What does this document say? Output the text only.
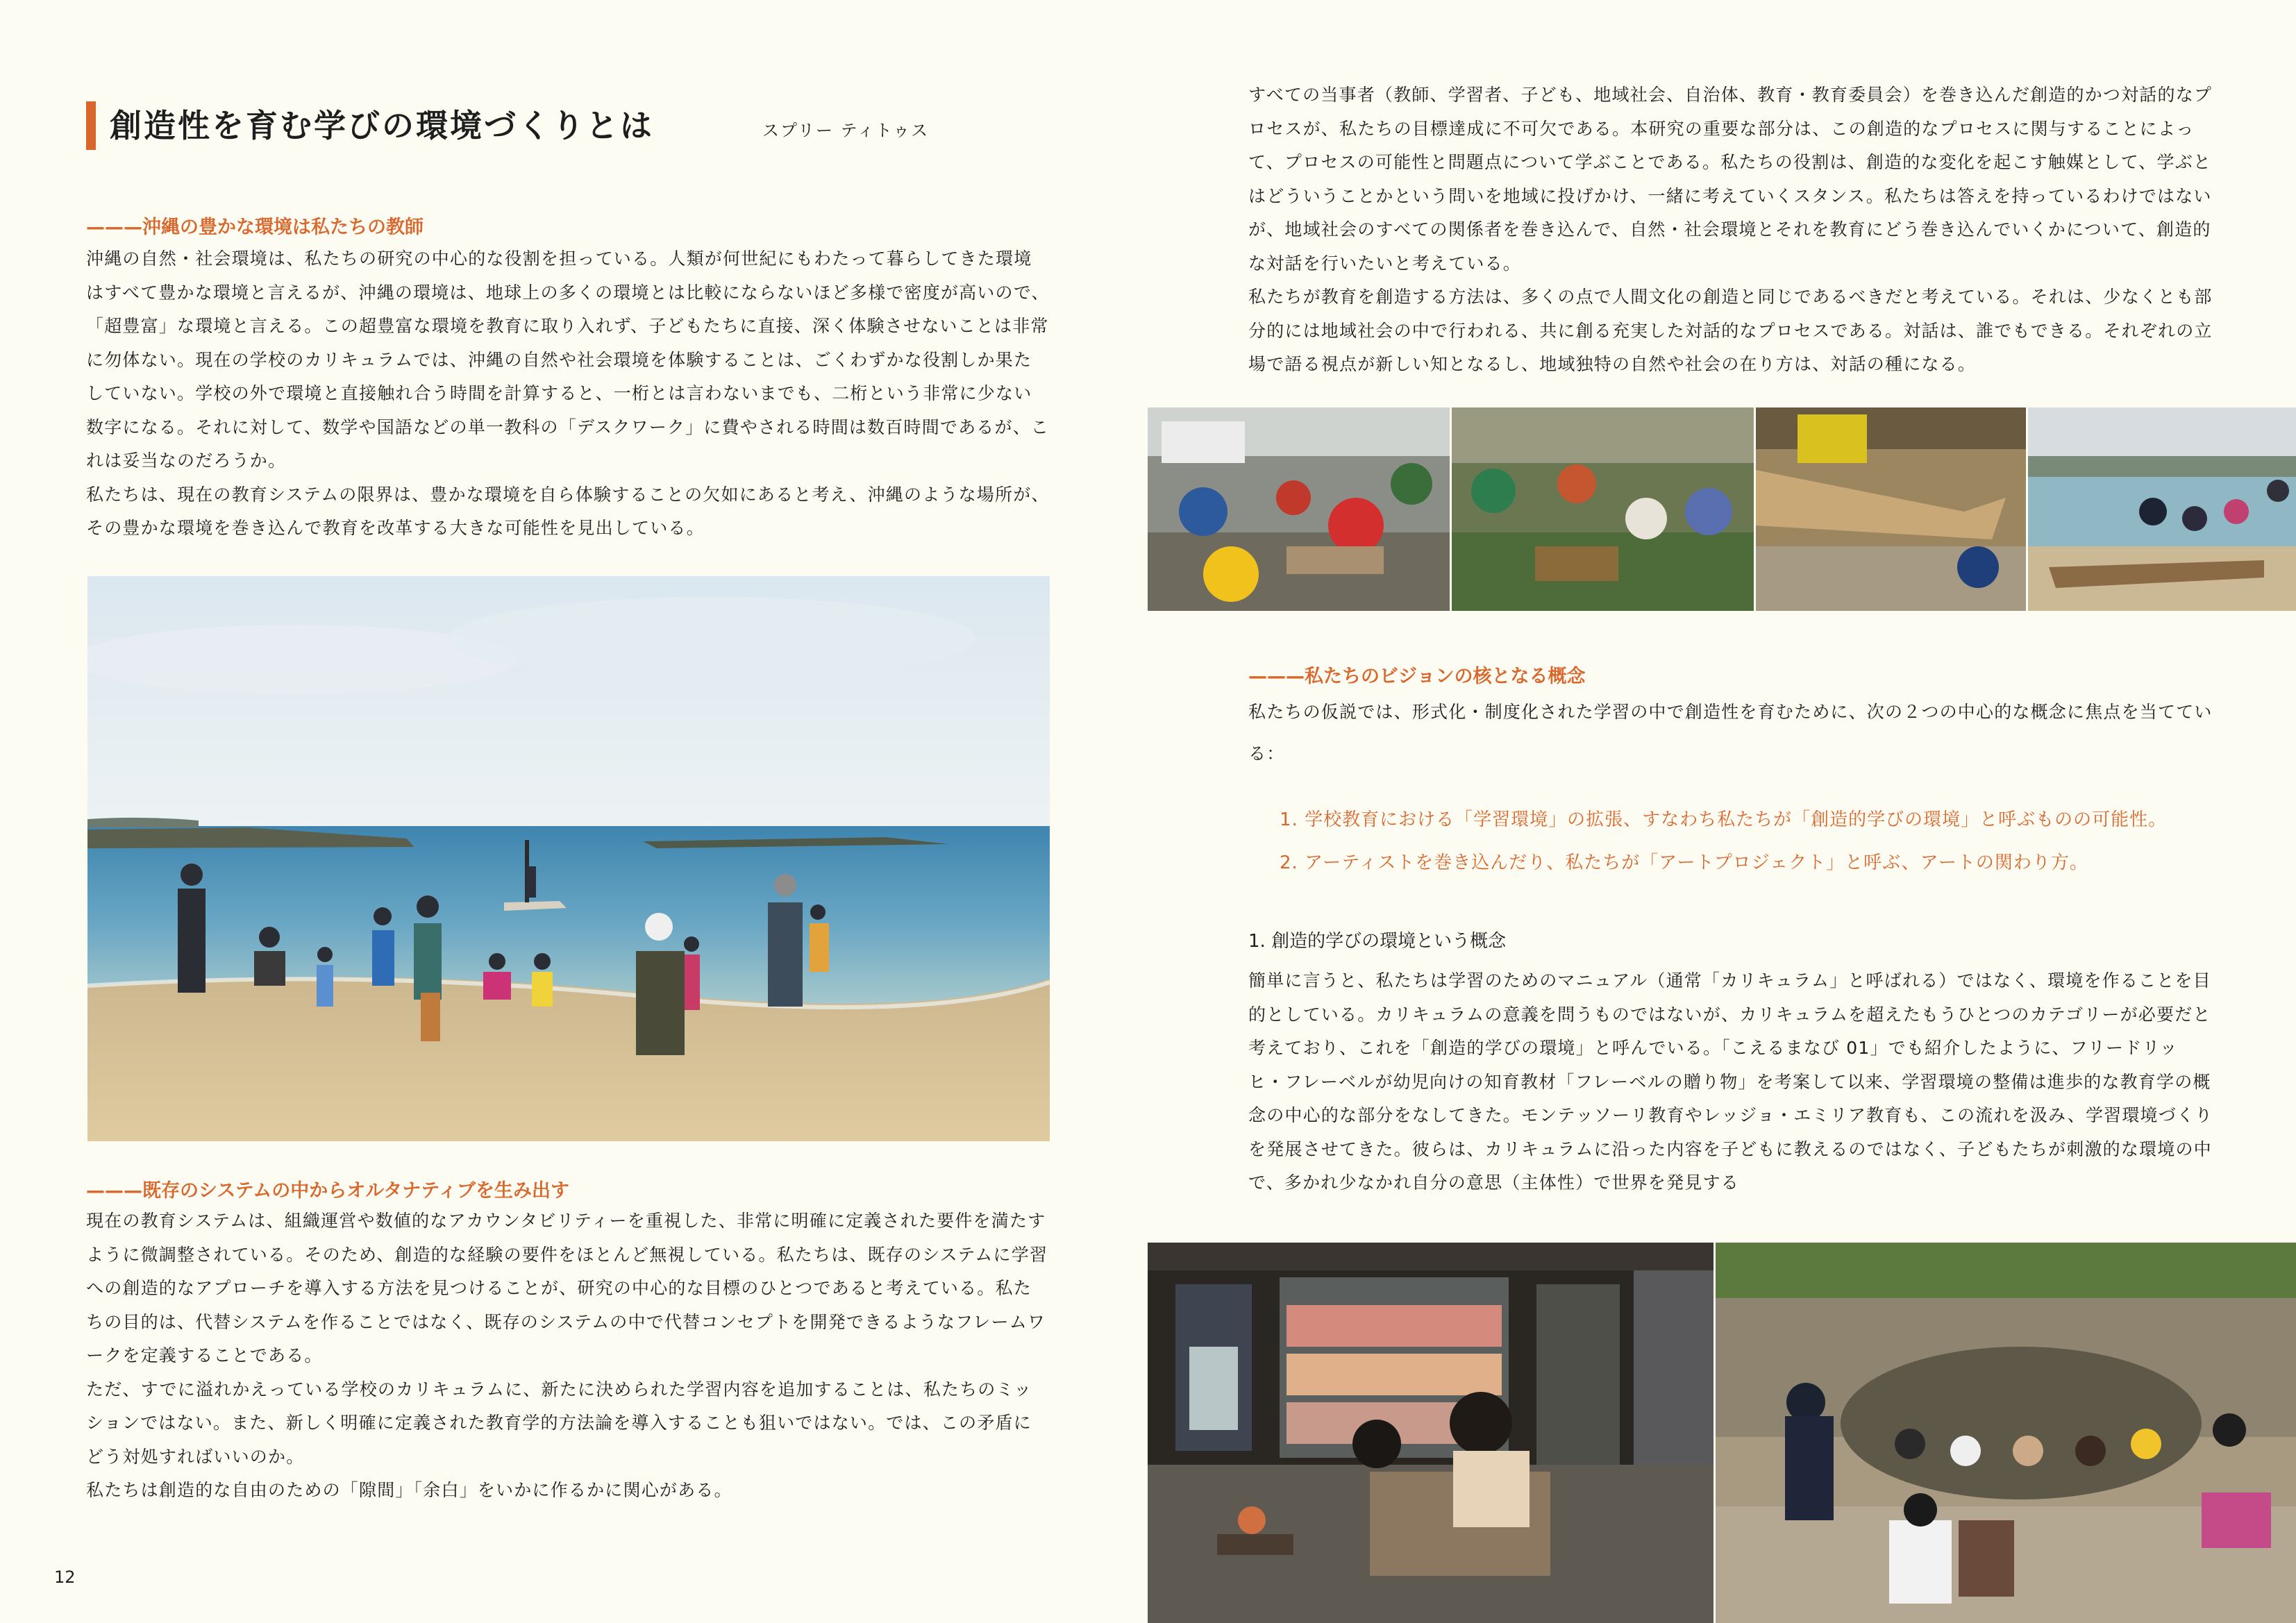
創造性を育む学びの環境づくりとは	スプリー ティトゥス
———沖縄の豊かな環境は私たちの教師

沖縄の自然・社会環境は、私たちの研究の中心的な役割を担っている。人類が何世紀にもわたって暮らしてきた環境はすべて豊かな環境と言えるが、沖縄の環境は、地球上の多くの環境とは比較にならないほど多様で密度が高いので、「超豊富」な環境と言える。この超豊富な環境を教育に取り入れず、子どもたちに直接、深く体験させないことは非常に勿体ない。現在の学校のカリキュラムでは、沖縄の自然や社会環境を体験することは、ごくわずかな役割しか果たしていない。学校の外で環境と直接触れ合う時間を計算すると、一桁とは言わないまでも、二桁という非常に少ない数字になる。それに対して、数学や国語などの単一教科の「デスクワーク」に費やされる時間は数百時間であるが、これは妥当なのだろうか。

私たちは、現在の教育システムの限界は、豊かな環境を自ら体験することの欠如にあると考え、沖縄のような場所が、その豊かな環境を巻き込んで教育を改革する大きな可能性を見出している。

———既存のシステムの中からオルタナティブを生み出す

現在の教育システムは、組織運営や数値的なアカウンタビリティーを重視した、非常に明確に定義された要件を満たすように微調整されている。そのため、創造的な経験の要件をほとんど無視している。私たちは、既存のシステムに学習への創造的なアプローチを導入する方法を見つけることが、研究の中心的な目標のひとつであると考えている。私たちの目的は、代替システムを作ることではなく、既存のシステムの中で代替コンセプトを開発できるようなフレームワークを定義することである。

ただ、すでに溢れかえっている学校のカリキュラムに、新たに決められた学習内容を追加することは、私たちのミッションではない。また、新しく明確に定義された教育学的方法論を導入することも狙いではない。では、この矛盾にどう対処すればいいのか。

私たちは創造的な自由のための「隙間」「余白」をいかに作るかに関心がある。

12

すべての当事者（教師、学習者、子ども、地域社会、自治体、教育・教育委員会）を巻き込んだ創造的かつ対話的なプロセスが、私たちの目標達成に不可欠である。本研究の重要な部分は、この創造的なプロセスに関与することによって、プロセスの可能性と問題点について学ぶことである。私たちの役割は、創造的な変化を起こす触媒として、学ぶとはどういうことかという問いを地域に投げかけ、一緒に考えていくスタンス。私たちは答えを持っているわけではないが、地域社会のすべての関係者を巻き込んで、自然・社会環境とそれを教育にどう巻き込んでいくかについて、創造的な対話を行いたいと考えている。

私たちが教育を創造する方法は、多くの点で人間文化の創造と同じであるべきだと考えている。それは、少なくとも部分的には地域社会の中で行われる、共に創る充実した対話的なプロセスである。対話は、誰でもできる。それぞれの立場で語る視点が新しい知となるし、地域独特の自然や社会の在り方は、対話の種になる。

———私たちのビジョンの核となる概念
私たちの仮説では、形式化・制度化された学習の中で創造性を育むために、次の２つの中心的な概念に焦点を当てている：
1. 学校教育における「学習環境」の拡張、すなわち私たちが「創造的学びの環境」と呼ぶものの可能性。
2. アーティストを巻き込んだり、私たちが「アートプロジェクト」と呼ぶ、アートの関わり方。
1. 創造的学びの環境という概念
簡単に言うと、私たちは学習のためのマニュアル（通常「カリキュラム」と呼ばれる）ではなく、環境を作ることを目的としている。カリキュラムの意義を問うものではないが、カリキュラムを超えたもうひとつのカテゴリーが必要だと考えており、これを「創造的学びの環境」と呼んでいる。「こえるまなび 01」でも紹介したように、フリードリッヒ・フレーベルが幼児向けの知育教材「フレーベルの贈り物」を考案して以来、学習環境の整備は進歩的な教育学の概念の中心的な部分をなしてきた。モンテッソーリ教育やレッジョ・エミリア教育も、この流れを汲み、学習環境づくりを発展させてきた。彼らは、カリキュラムに沿った内容を子どもに教えるのではなく、子どもたちが刺激的な環境の中で、多かれ少なかれ自分の意思（主体性）で世界を発見する
